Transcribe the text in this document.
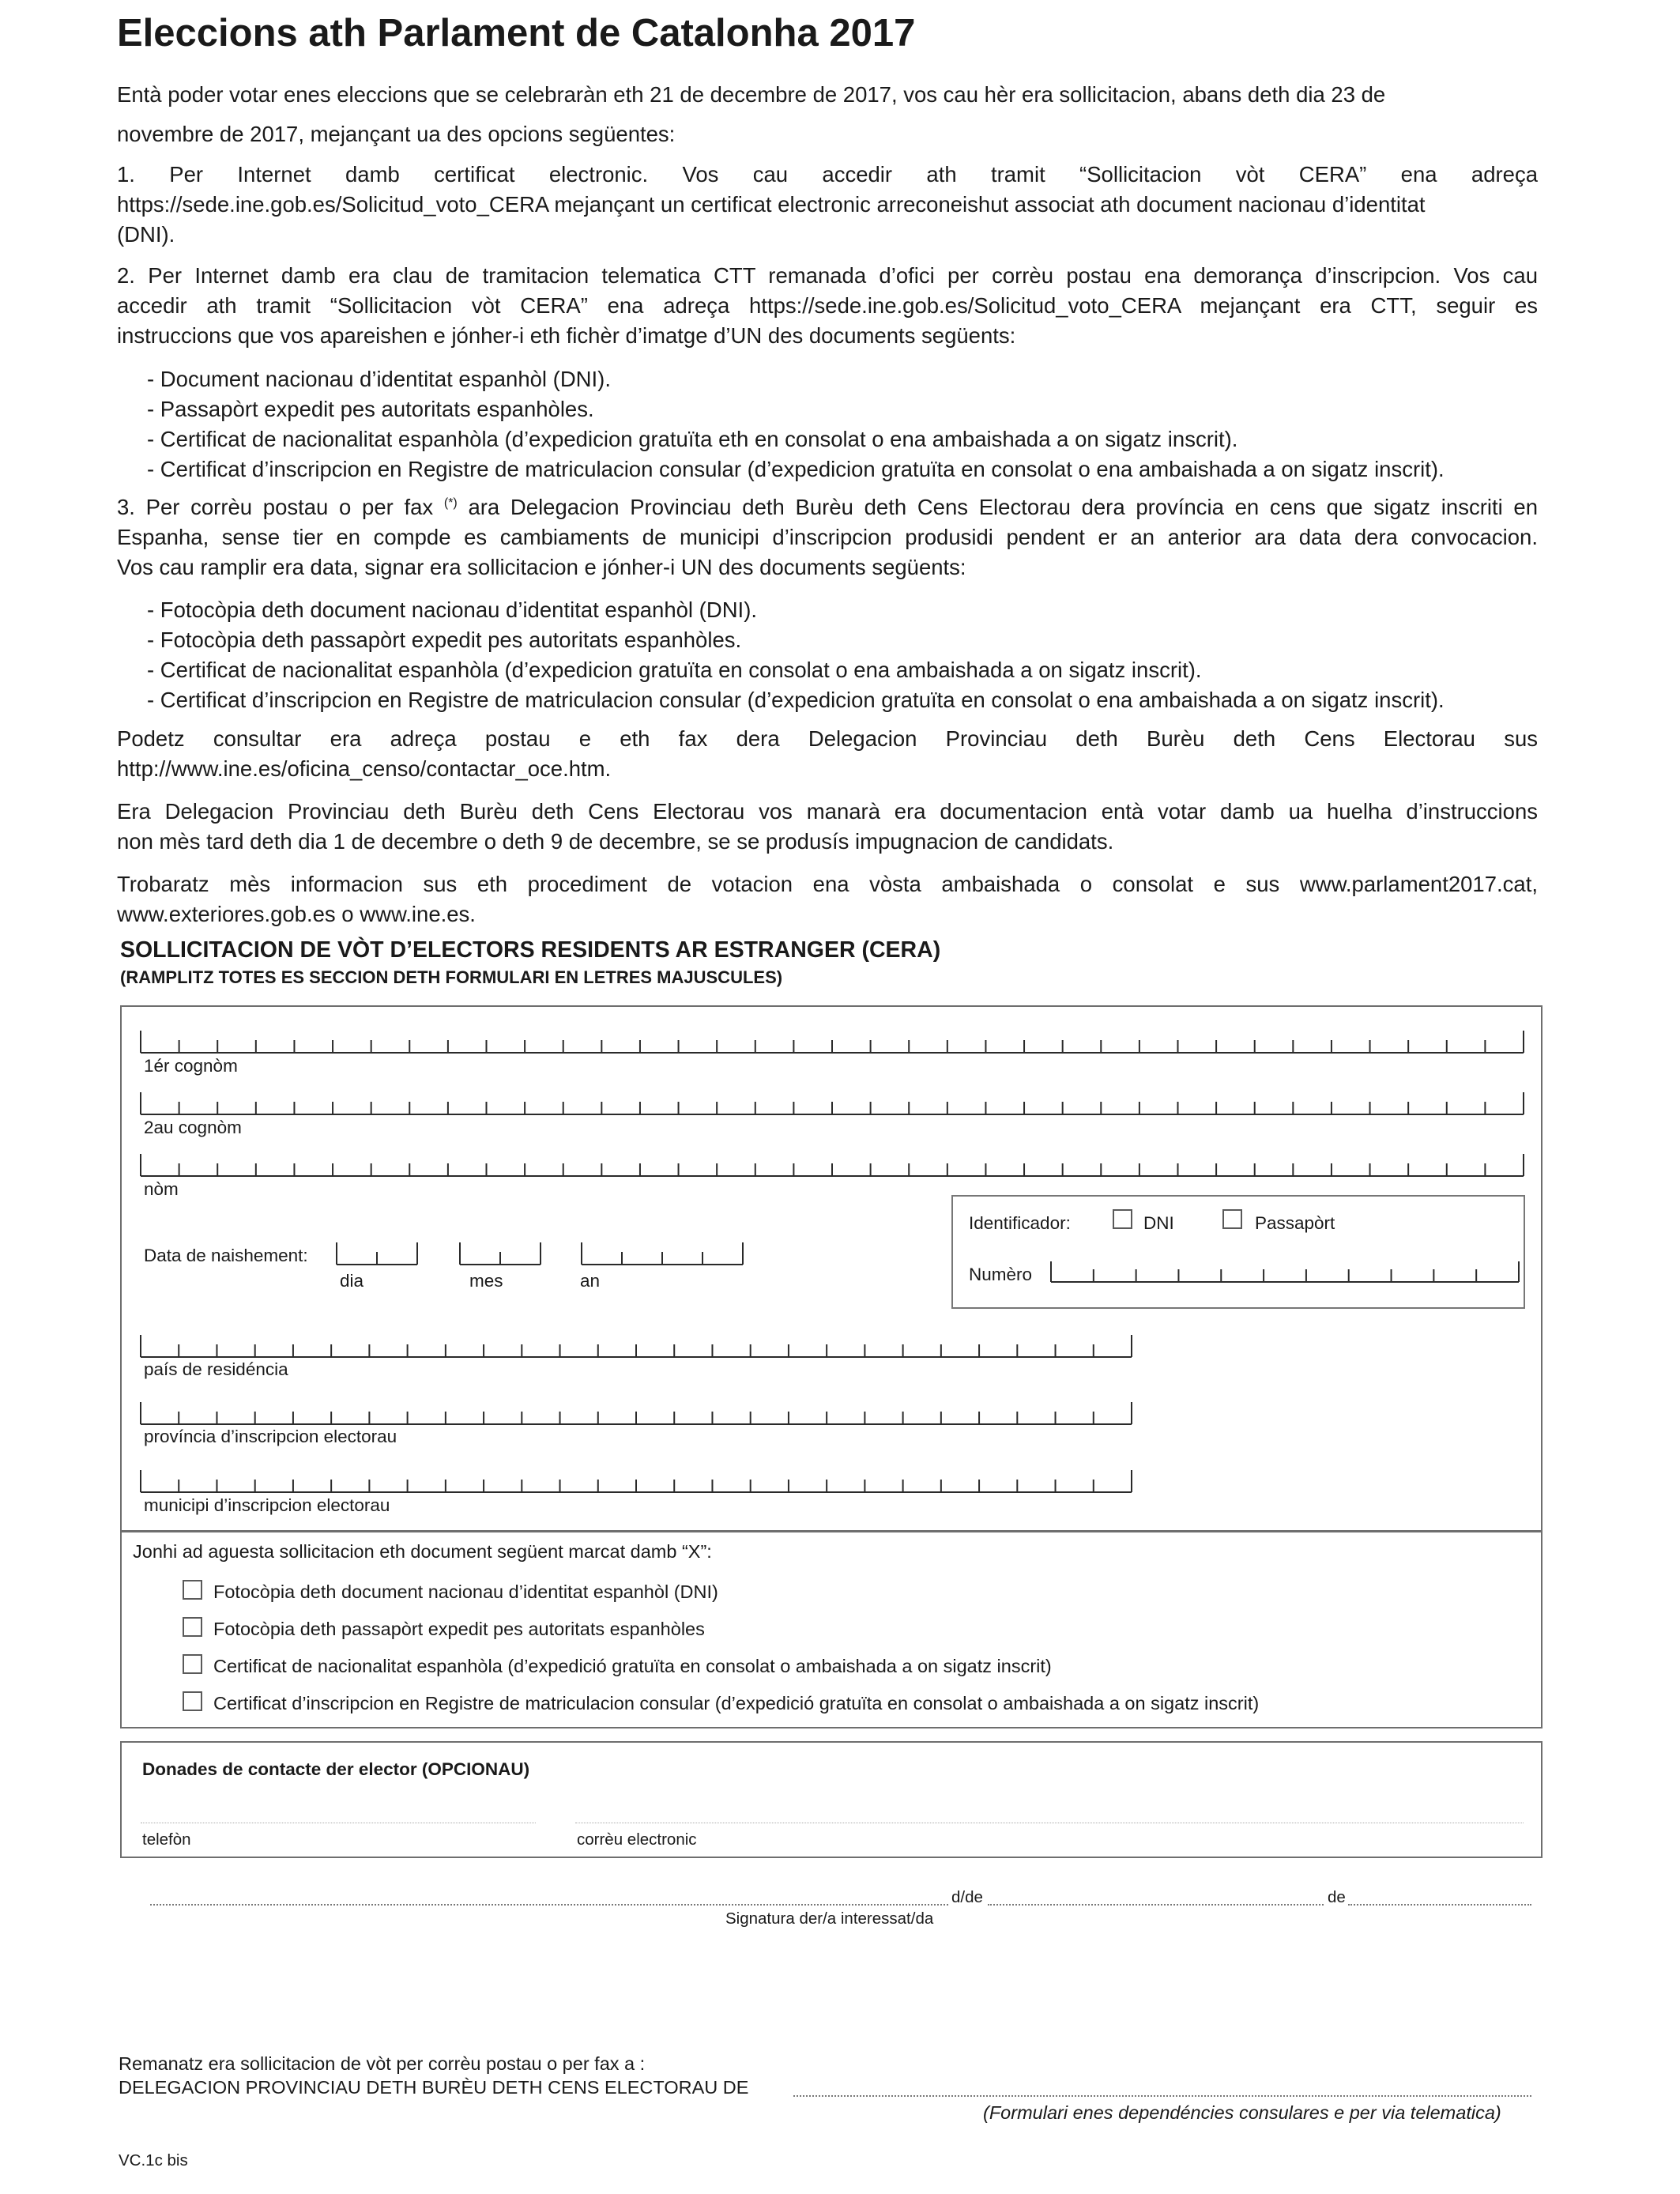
Eleccions ath Parlament de Catalonha 2017
Entà poder votar enes eleccions que se celebraràn eth 21 de decembre de 2017, vos cau hèr era sollicitacion, abans deth dia 23 de
novembre de 2017, mejançant ua des opcions següentes:
1. Per Internet damb certificat electronic. Vos cau accedir ath tramit “Sollicitacion vòt CERA” ena adreça
https://sede.ine.gob.es/Solicitud_voto_CERA mejançant un certificat electronic arreconeishut associat ath document nacionau d’identitat
(DNI).
2. Per Internet damb era clau de tramitacion telematica CTT remanada d’ofici per corrèu postau ena demorança d’inscripcion. Vos cau
accedir ath tramit “Sollicitacion vòt CERA” ena adreça https://sede.ine.gob.es/Solicitud_voto_CERA mejançant era CTT, seguir es
instruccions que vos apareishen e jónher-i eth fichèr d’imatge d’UN des documents següents:
- Document nacionau d’identitat espanhòl (DNI).
- Passapòrt expedit pes autoritats espanhòles.
- Certificat de nacionalitat espanhòla (d’expedicion gratuïta eth en consolat o ena ambaishada a on sigatz inscrit).
- Certificat d’inscripcion en Registre de matriculacion consular (d’expedicion gratuïta en consolat o ena ambaishada a on sigatz inscrit).
3. Per corrèu postau o per fax (*) ara Delegacion Provinciau deth Burèu deth Cens Electorau dera província en cens que sigatz inscriti en
Espanha, sense tier en compde es cambiaments de municipi d’inscripcion produsidi pendent er an anterior ara data dera convocacion.
Vos cau ramplir era data, signar era sollicitacion e jónher-i UN des documents següents:
- Fotocòpia deth document nacionau d’identitat espanhòl (DNI).
- Fotocòpia deth passapòrt expedit pes autoritats espanhòles.
- Certificat de nacionalitat espanhòla (d’expedicion gratuïta en consolat o ena ambaishada a on sigatz inscrit).
- Certificat d’inscripcion en Registre de matriculacion consular (d’expedicion gratuïta en consolat o ena ambaishada a on sigatz inscrit).
Podetz consultar era adreça postau e eth fax dera Delegacion Provinciau deth Burèu deth Cens Electorau sus
http://www.ine.es/oficina_censo/contactar_oce.htm.
Era Delegacion Provinciau deth Burèu deth Cens Electorau vos manarà era documentacion entà votar damb ua huelha d’instruccions
non mès tard deth dia 1 de decembre o deth 9 de decembre, se se produsís impugnacion de candidats.
Trobaratz mès informacion sus eth procediment de votacion ena vòsta ambaishada o consolat e sus www.parlament2017.cat,
www.exteriores.gob.es o www.ine.es.
SOLLICITACION DE VÒT D’ELECTORS RESIDENTS AR ESTRANGER (CERA)
(RAMPLITZ TOTES ES SECCION DETH FORMULARI EN LETRES MAJUSCULES)
1ér cognòm
2au cognòm
nòm
Data de naishement:
dia	mes	an
Identificador:	DNI	Passapòrt
Numèro
país de residéncia
província d’inscripcion electorau
municipi d’inscripcion electorau
Jonhi ad aguesta sollicitacion eth document següent marcat damb “X”:
Fotocòpia deth document nacionau d’identitat espanhòl (DNI)
Fotocòpia deth passapòrt expedit pes autoritats espanhòles
Certificat de nacionalitat espanhòla (d’expedició gratuïta en consolat o ambaishada a on sigatz inscrit)
Certificat d’inscripcion en Registre de matriculacion consular (d’expedició gratuïta en consolat o ambaishada a on sigatz inscrit)
Donades de contacte der elector (OPCIONAU)
telefòn	corrèu electronic
d/de	de
Signatura der/a interessat/da
Remanatz era sollicitacion de vòt per corrèu postau o per fax a :
DELEGACION PROVINCIAU DETH BURÈU DETH CENS ELECTORAU DE
(Formulari enes dependéncies consulares e per via telematica)
VC.1c bis
